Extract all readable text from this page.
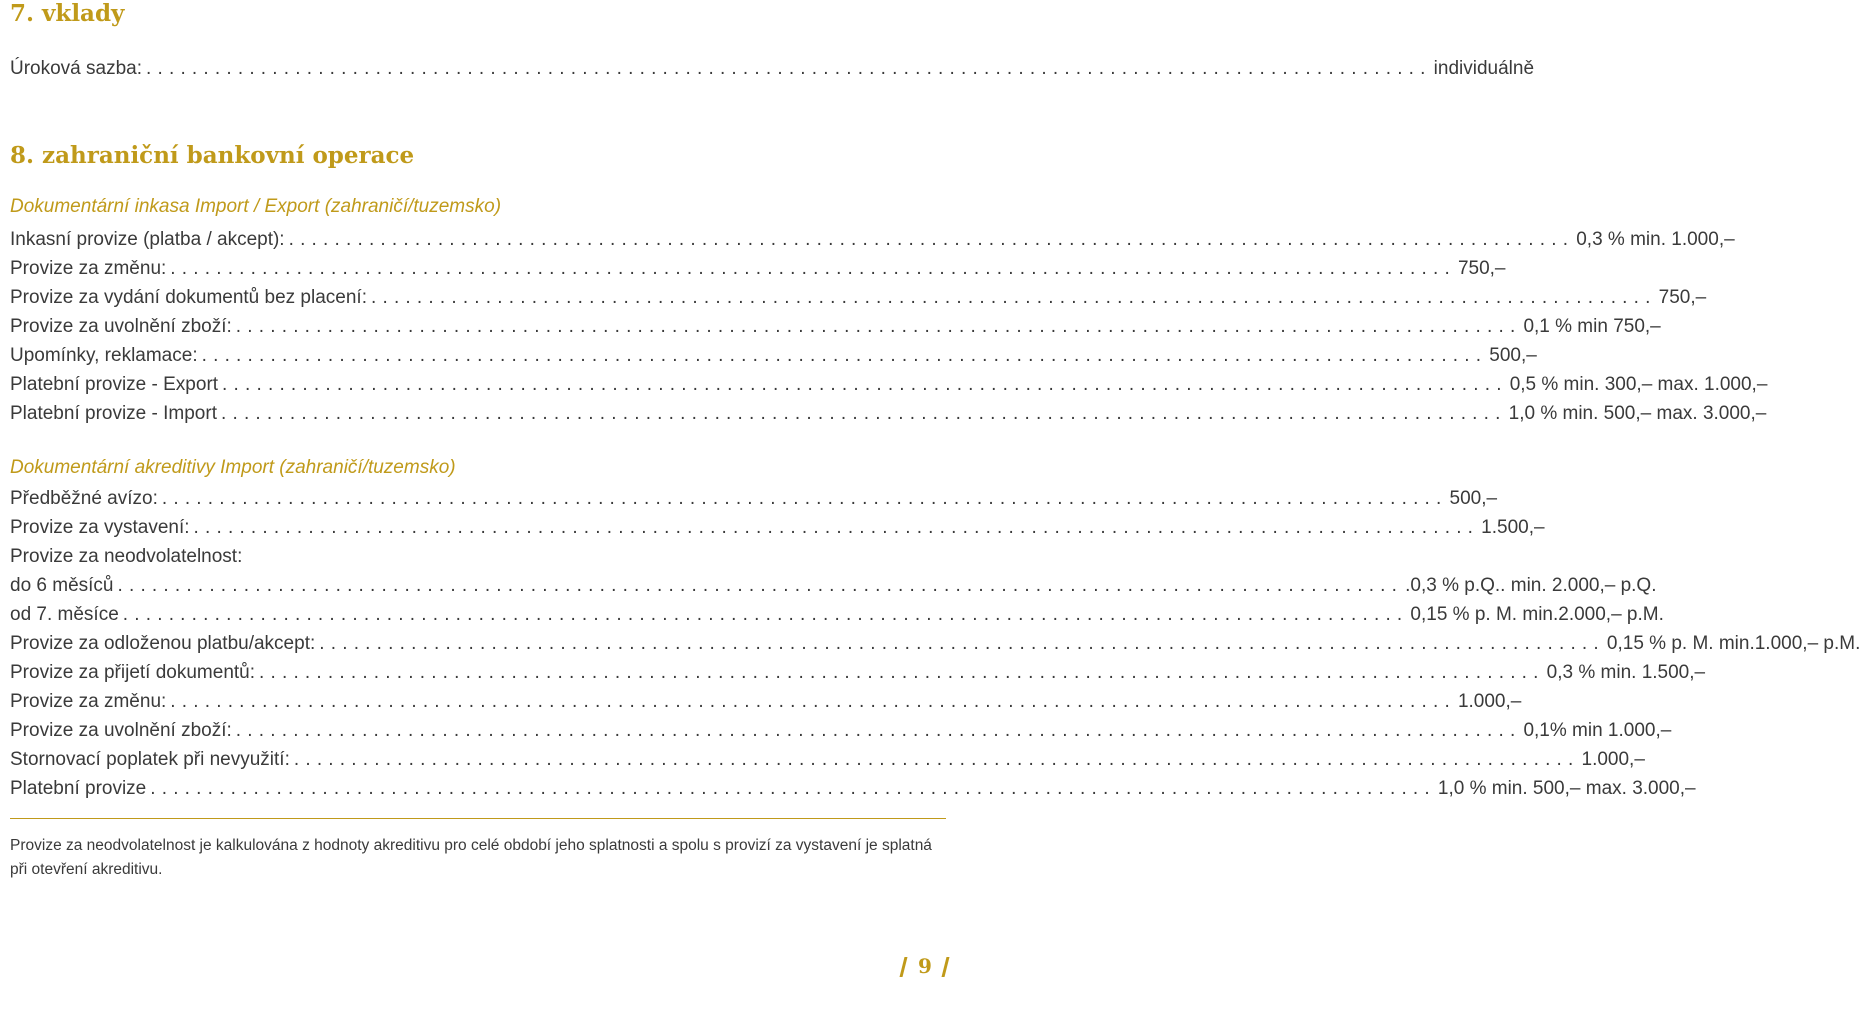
7. vklady
Úroková sazba: ................................................................................................................ individuálně
8. zahraniční bankovní operace
Dokumentární inkasa Import / Export (zahraničí/tuzemsko)
Inkasní provize (platba / akcept): ................................................................................................................ 0,3 % min. 1.000,–
Provize za změnu: ................................................................................................................ 750,–
Provize za vydání dokumentů bez placení: ................................................................................................................ 750,–
Provize za uvolnění zboží: ................................................................................................................ 0,1 % min 750,–
Upomínky, reklamace: ................................................................................................................ 500,–
Platební provize - Export ................................................................................................................ 0,5 % min. 300,– max. 1.000,–
Platební provize - Import ................................................................................................................ 1,0 % min. 500,– max. 3.000,–
Dokumentární akreditivy Import (zahraničí/tuzemsko)
Předběžné avízo: ................................................................................................................ 500,–
Provize za vystavení: ................................................................................................................ 1.500,–
Provize za neodvolatelnost:
do 6 měsíců ................................................................................................................ .0,3 % p.Q.. min. 2.000,– p.Q.
od 7. měsíce ................................................................................................................ 0,15 % p. M. min.2.000,– p.M.
Provize za odloženou platbu/akcept: ................................................................................................................ 0,15 % p. M. min.1.000,– p.M.
Provize za přijetí dokumentů: ................................................................................................................ 0,3 % min. 1.500,–
Provize za změnu: ................................................................................................................ 1.000,–
Provize za uvolnění zboží: ................................................................................................................ 0,1% min 1.000,–
Stornovací poplatek při nevyužití: ................................................................................................................ 1.000,–
Platební provize ................................................................................................................ 1,0 % min. 500,– max. 3.000,–
Provize za neodvolatelnost je kalkulována z hodnoty akreditivu pro celé období jeho splatnosti a spolu s provizí za vystavení je splatná při otevření akreditivu.
9
